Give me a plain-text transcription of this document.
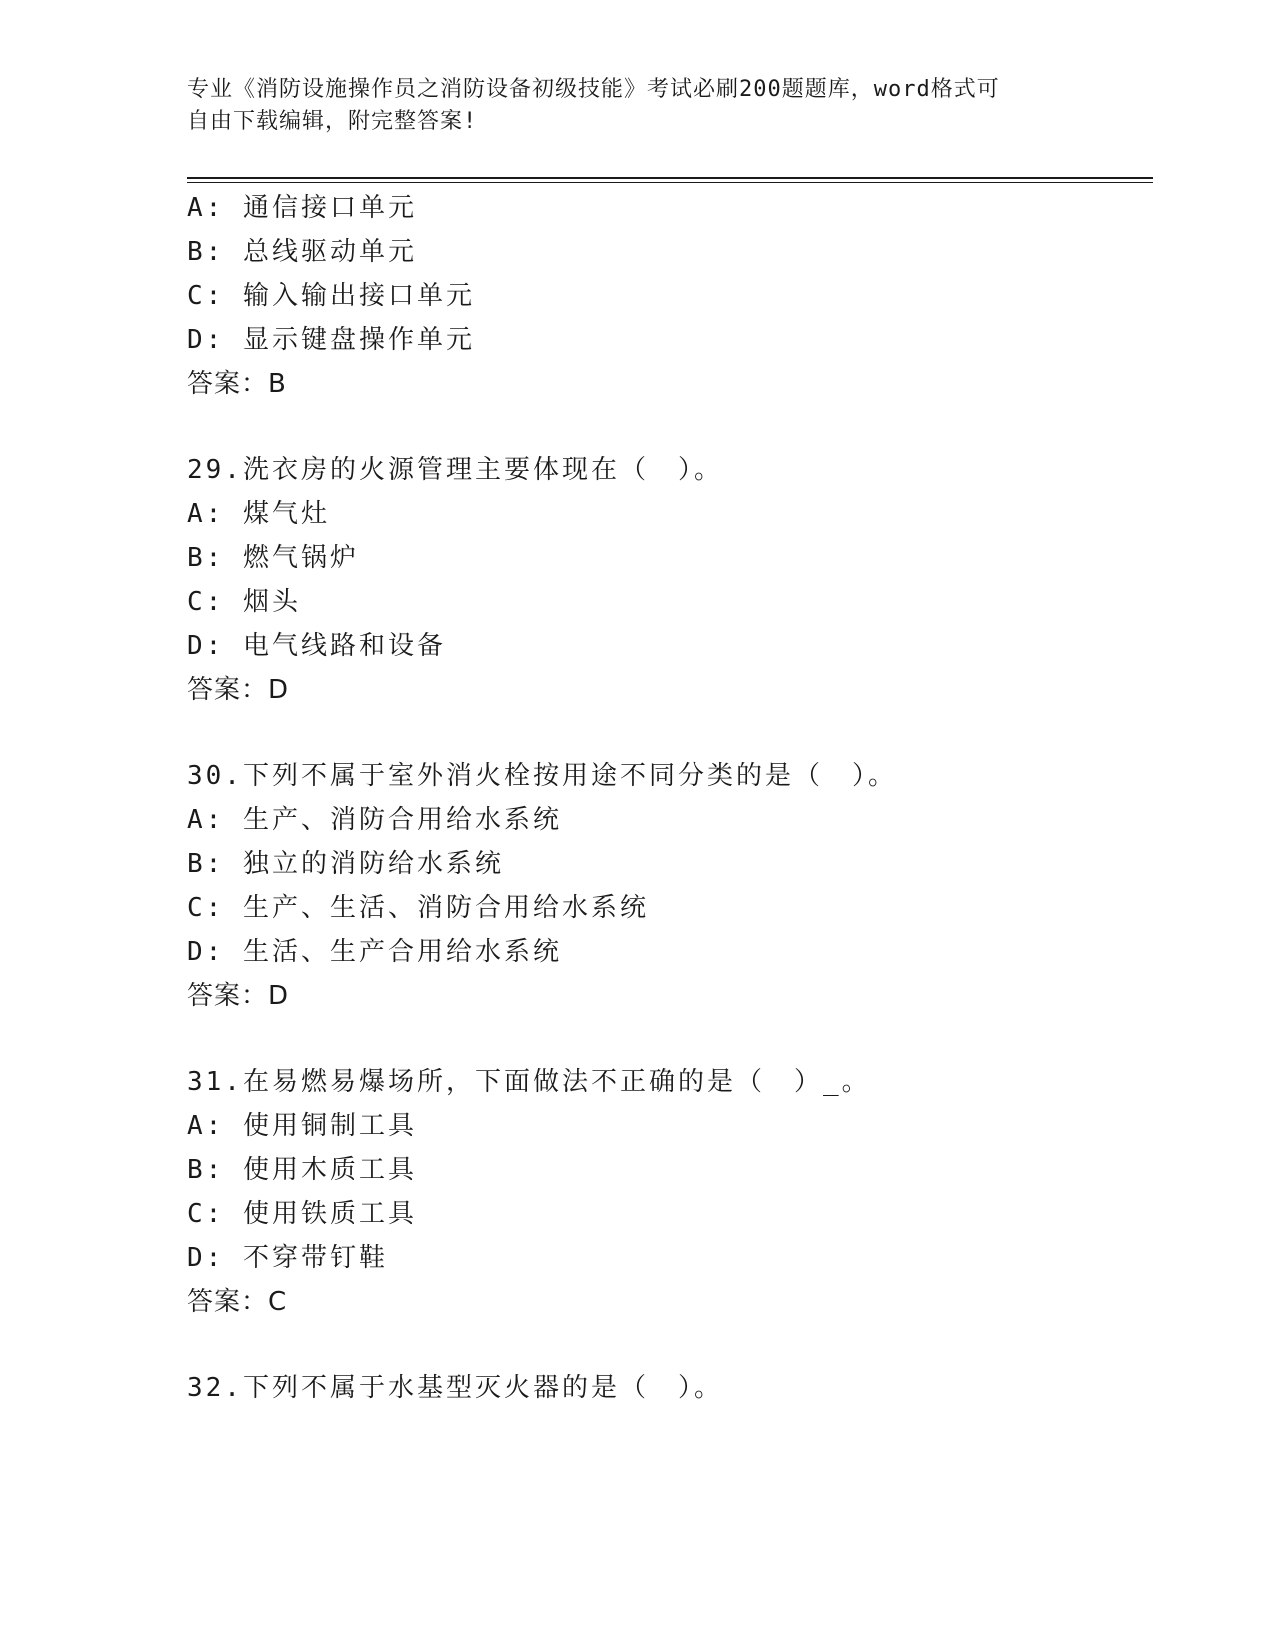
专业《消防设施操作员之消防设备初级技能》考试必刷200题题库，word格式可
自由下载编辑，附完整答案!
A: 通信接口单元
B: 总线驱动单元
C: 输入输出接口单元
D: 显示键盘操作单元
答案：B
29.洗衣房的火源管理主要体现在（　）。
A: 煤气灶
B: 燃气锅炉
C: 烟头
D: 电气线路和设备
答案：D
30.下列不属于室外消火栓按用途不同分类的是（　）。
A: 生产、消防合用给水系统
B: 独立的消防给水系统
C: 生产、生活、消防合用给水系统
D: 生活、生产合用给水系统
答案：D
31.在易燃易爆场所，下面做法不正确的是（　）_。
A: 使用铜制工具
B: 使用木质工具
C: 使用铁质工具
D: 不穿带钉鞋
答案：C
32.下列不属于水基型灭火器的是（　）。
